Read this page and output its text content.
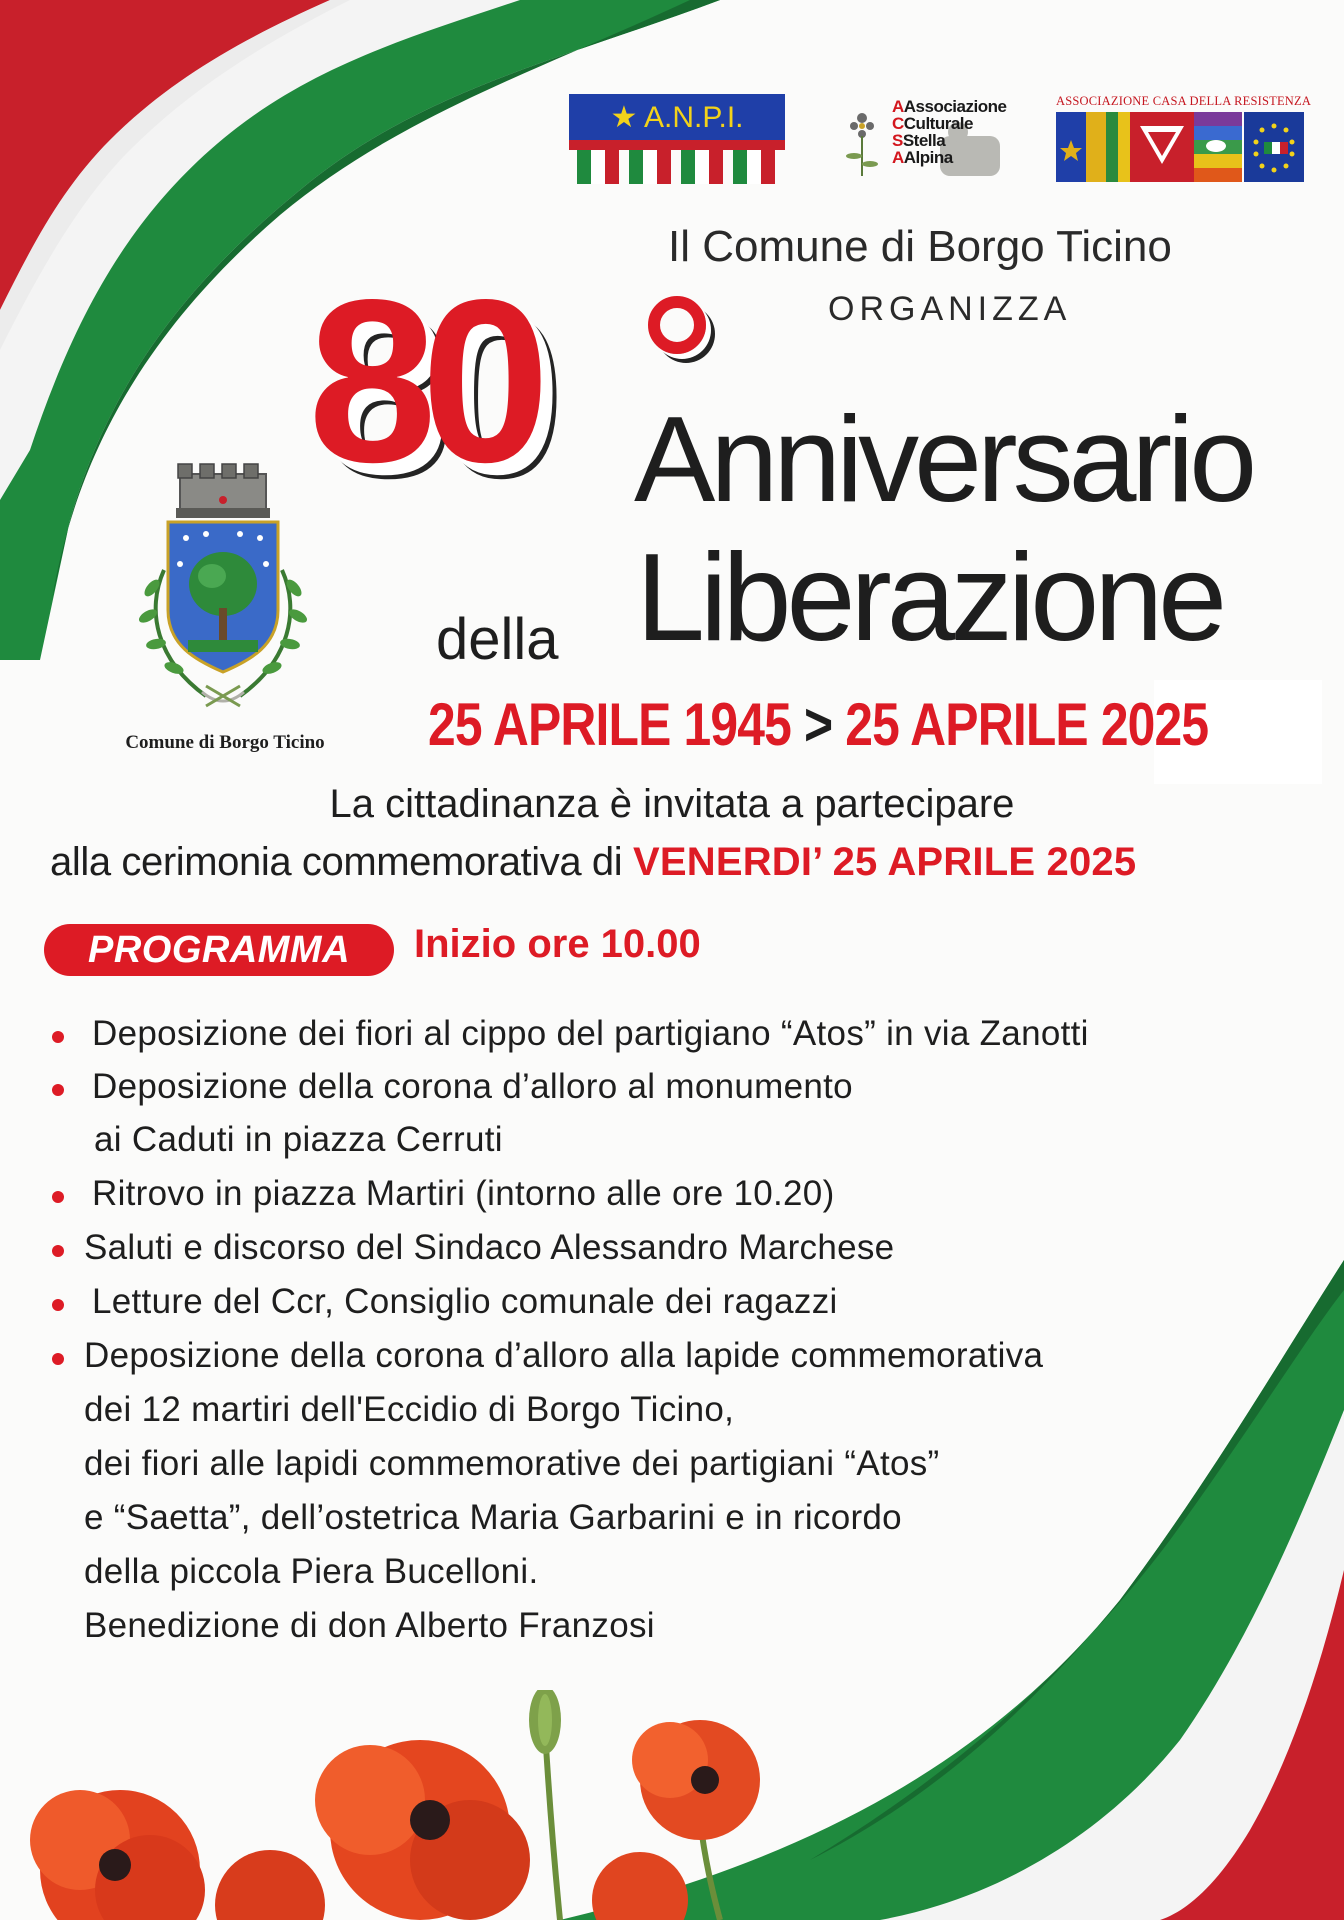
★ A.N.P.I.	AAssociazione
CCulturale
SStella
AAlpina
ASSOCIAZIONE CASA DELLA RESISTENZA
Il Comune di Borgo Ticino
ORGANIZZA
80 Anniversario
della Liberazione
25 APRILE 1945 > 25 APRILE 2025
Comune di Borgo Ticino
La cittadinanza è invitata a partecipare
alla cerimonia commemorativa di VENERDI’ 25 APRILE 2025
PROGRAMMA	Inizio ore 10.00
Deposizione dei fiori al cippo del partigiano “Atos” in via Zanotti
Deposizione della corona d’alloro al monumento
ai Caduti in piazza Cerruti
Ritrovo in piazza Martiri (intorno alle ore 10.20)
Saluti e discorso del Sindaco Alessandro Marchese
Letture del Ccr, Consiglio comunale dei ragazzi
Deposizione della corona d’alloro alla lapide commemorativa
dei 12 martiri dell'Eccidio di Borgo Ticino,
dei fiori alle lapidi commemorative dei partigiani “Atos”
e “Saetta”, dell’ostetrica Maria Garbarini e in ricordo
della piccola Piera Bucelloni.
Benedizione di don Alberto Franzosi
